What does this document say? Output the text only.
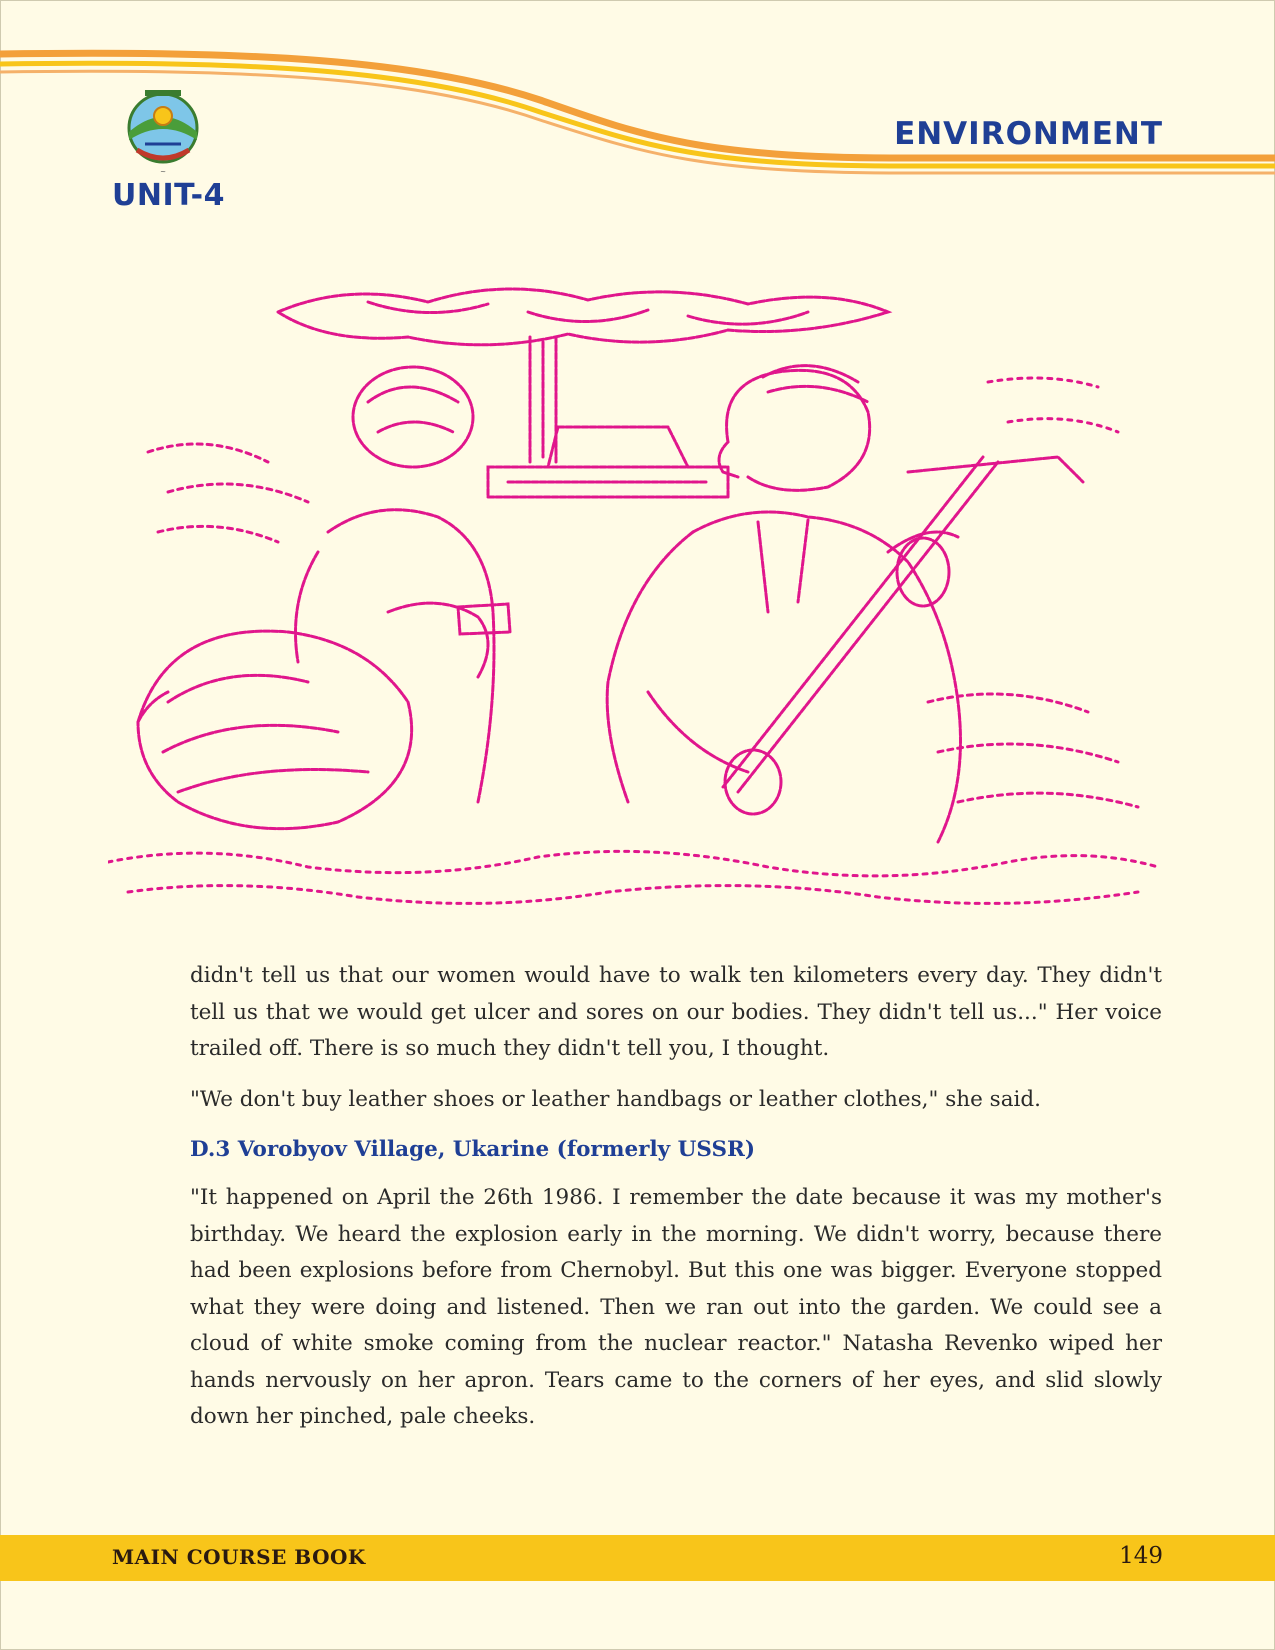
~
UNIT-4
ENVIRONMENT

didn't tell us that our women would have to walk ten kilometers every day. They didn't tell us that we would get ulcer and sores on our bodies. They didn't tell us..." Her voice trailed off. There is so much they didn't tell you, I thought.

"We don't buy leather shoes or leather handbags or leather clothes," she said.

D.3 Vorobyov Village, Ukarine (formerly USSR)

"It happened on April the 26th 1986. I remember the date because it was my mother's birthday. We heard the explosion early in the morning. We didn't worry, because there had been explosions before from Chernobyl. But this one was bigger. Everyone stopped what they were doing and listened. Then we ran out into the garden. We could see a cloud of white smoke coming from the nuclear reactor." Natasha Revenko wiped her hands nervously on her apron. Tears came to the corners of her eyes, and slid slowly down her pinched, pale cheeks.

MAIN COURSE BOOK	149
